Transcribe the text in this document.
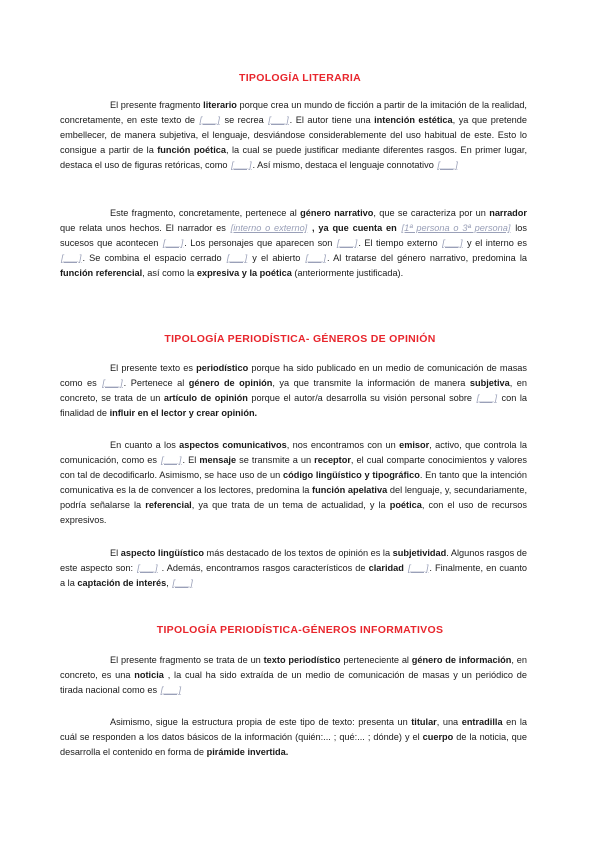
TIPOLOGÍA LITERARIA

El presente fragmento literario porque crea un mundo de ficción a partir de la imitación de la realidad, concretamente, en este texto de [___] se recrea [___]. El autor tiene una intención estética, ya que pretende embellecer, de manera subjetiva, el lenguaje, desviándose considerablemente del uso habitual de este. Esto lo consigue a partir de la función poética, la cual se puede justificar mediante diferentes rasgos. En primer lugar, destaca el uso de figuras retóricas, como [___]. Así mismo, destaca el lenguaje connotativo [___]

Este fragmento, concretamente, pertenece al género narrativo, que se caracteriza por un narrador que relata unos hechos. El narrador es [interno o externo] , ya que cuenta en [1ª persona o 3ª persona] los sucesos que acontecen [___]. Los personajes que aparecen son [___]. El tiempo externo [___] y el interno es [___]. Se combina el espacio cerrado [___] y el abierto [___]. Al tratarse del género narrativo, predomina la función referencial, así como la expresiva y la poética (anteriormente justificada).

TIPOLOGÍA PERIODÍSTICA- GÉNEROS DE OPINIÓN

El presente texto es periodístico porque ha sido publicado en un medio de comunicación de masas como es [___]. Pertenece al género de opinión, ya que transmite la información de manera subjetiva, en concreto, se trata de un artículo de opinión porque el autor/a desarrolla su visión personal sobre [___] con la finalidad de influir en el lector y crear opinión.

En cuanto a los aspectos comunicativos, nos encontramos con un emisor, activo, que controla la comunicación, como es [___]. El mensaje se transmite a un receptor, el cual comparte conocimientos y valores con tal de decodificarlo. Asimismo, se hace uso de un código lingüístico y tipográfico. En tanto que la intención comunicativa es la de convencer a los lectores, predomina la función apelativa del lenguaje, y, secundariamente, podría señalarse la referencial, ya que trata de un tema de actualidad, y la poética, con el uso de recursos expresivos.

El aspecto lingüístico más destacado de los textos de opinión es la subjetividad. Algunos rasgos de este aspecto son: [___] . Además, encontramos rasgos característicos de claridad [___]. Finalmente, en cuanto a la captación de interés, [___]

TIPOLOGÍA PERIODÍSTICA-GÉNEROS INFORMATIVOS

El presente fragmento se trata de un texto periodístico perteneciente al género de información, en concreto, es una noticia , la cual ha sido extraída de un medio de comunicación de masas y un periódico de tirada nacional como es [___]

Asimismo, sigue la estructura propia de este tipo de texto: presenta un titular, una entradilla en la cuál se responden a los datos básicos de la información (quién:... ; qué:... ; dónde) y el cuerpo de la noticia, que desarrolla el contenido en forma de pirámide invertida.
